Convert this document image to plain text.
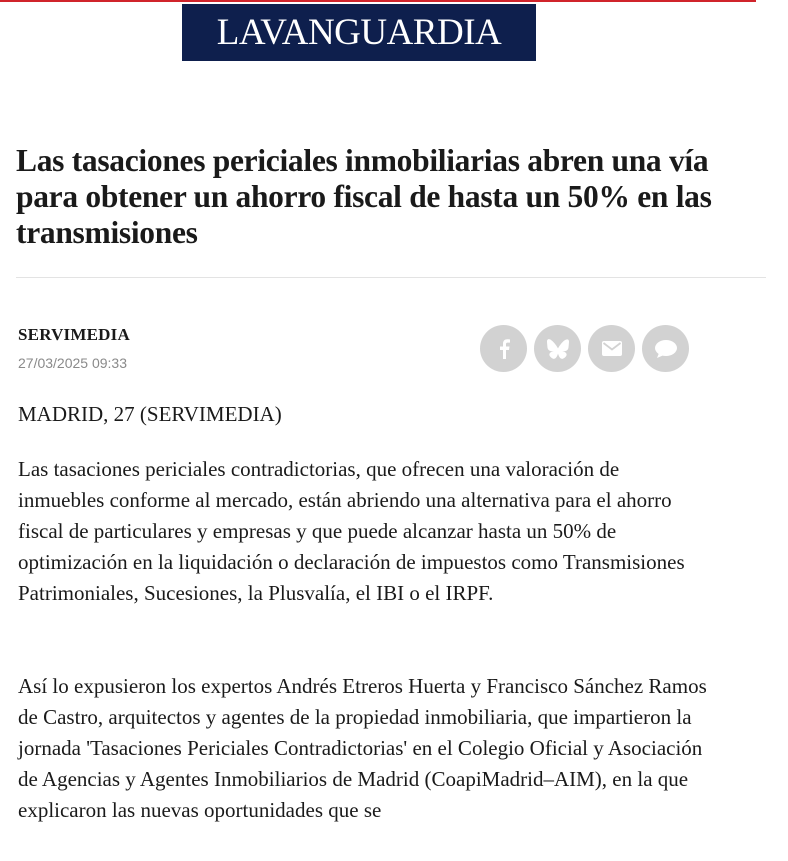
LAVANGUARDIA
Las tasaciones periciales inmobiliarias abren una vía para obtener un ahorro fiscal de hasta un 50% en las transmisiones
SERVIMEDIA
27/03/2025 09:33

MADRID, 27 (SERVIMEDIA)

Las tasaciones periciales contradictorias, que ofrecen una valoración de inmuebles conforme al mercado, están abriendo una alternativa para el ahorro fiscal de particulares y empresas y que puede alcanzar hasta un 50% de optimización en la liquidación o declaración de impuestos como Transmisiones Patrimoniales, Sucesiones, la Plusvalía, el IBI o el IRPF.

Así lo expusieron los expertos Andrés Etreros Huerta y Francisco Sánchez Ramos de Castro, arquitectos y agentes de la propiedad inmobiliaria, que impartieron la jornada 'Tasaciones Periciales Contradictorias' en el Colegio Oficial y Asociación de Agencias y Agentes Inmobiliarios de Madrid (CoapiMadrid–AIM), en la que explicaron las nuevas oportunidades que se
